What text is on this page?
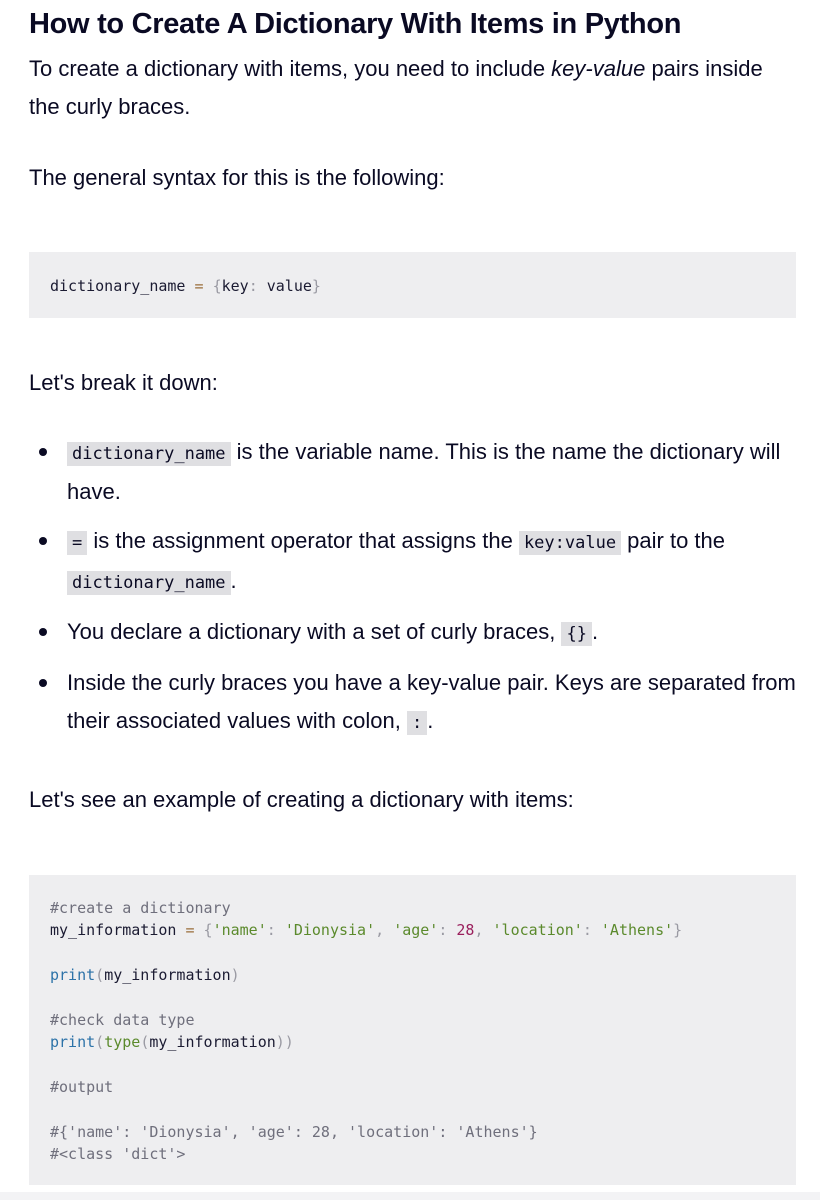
How to Create A Dictionary With Items in Python

To create a dictionary with items, you need to include key-value pairs inside the curly braces.

The general syntax for this is the following:

dictionary_name = {key: value}

Let's break it down:

dictionary_name is the variable name. This is the name the dictionary will have.
= is the assignment operator that assigns the key:value pair to the dictionary_name .
You declare a dictionary with a set of curly braces, {} .
Inside the curly braces you have a key-value pair. Keys are separated from their associated values with colon, : .

Let's see an example of creating a dictionary with items:

#create a dictionary
my_information = {'name': 'Dionysia', 'age': 28, 'location': 'Athens'}
print(my_information)
#check data type
print(type(my_information))
#output
#{'name': 'Dionysia', 'age': 28, 'location': 'Athens'}
#<class 'dict'>
